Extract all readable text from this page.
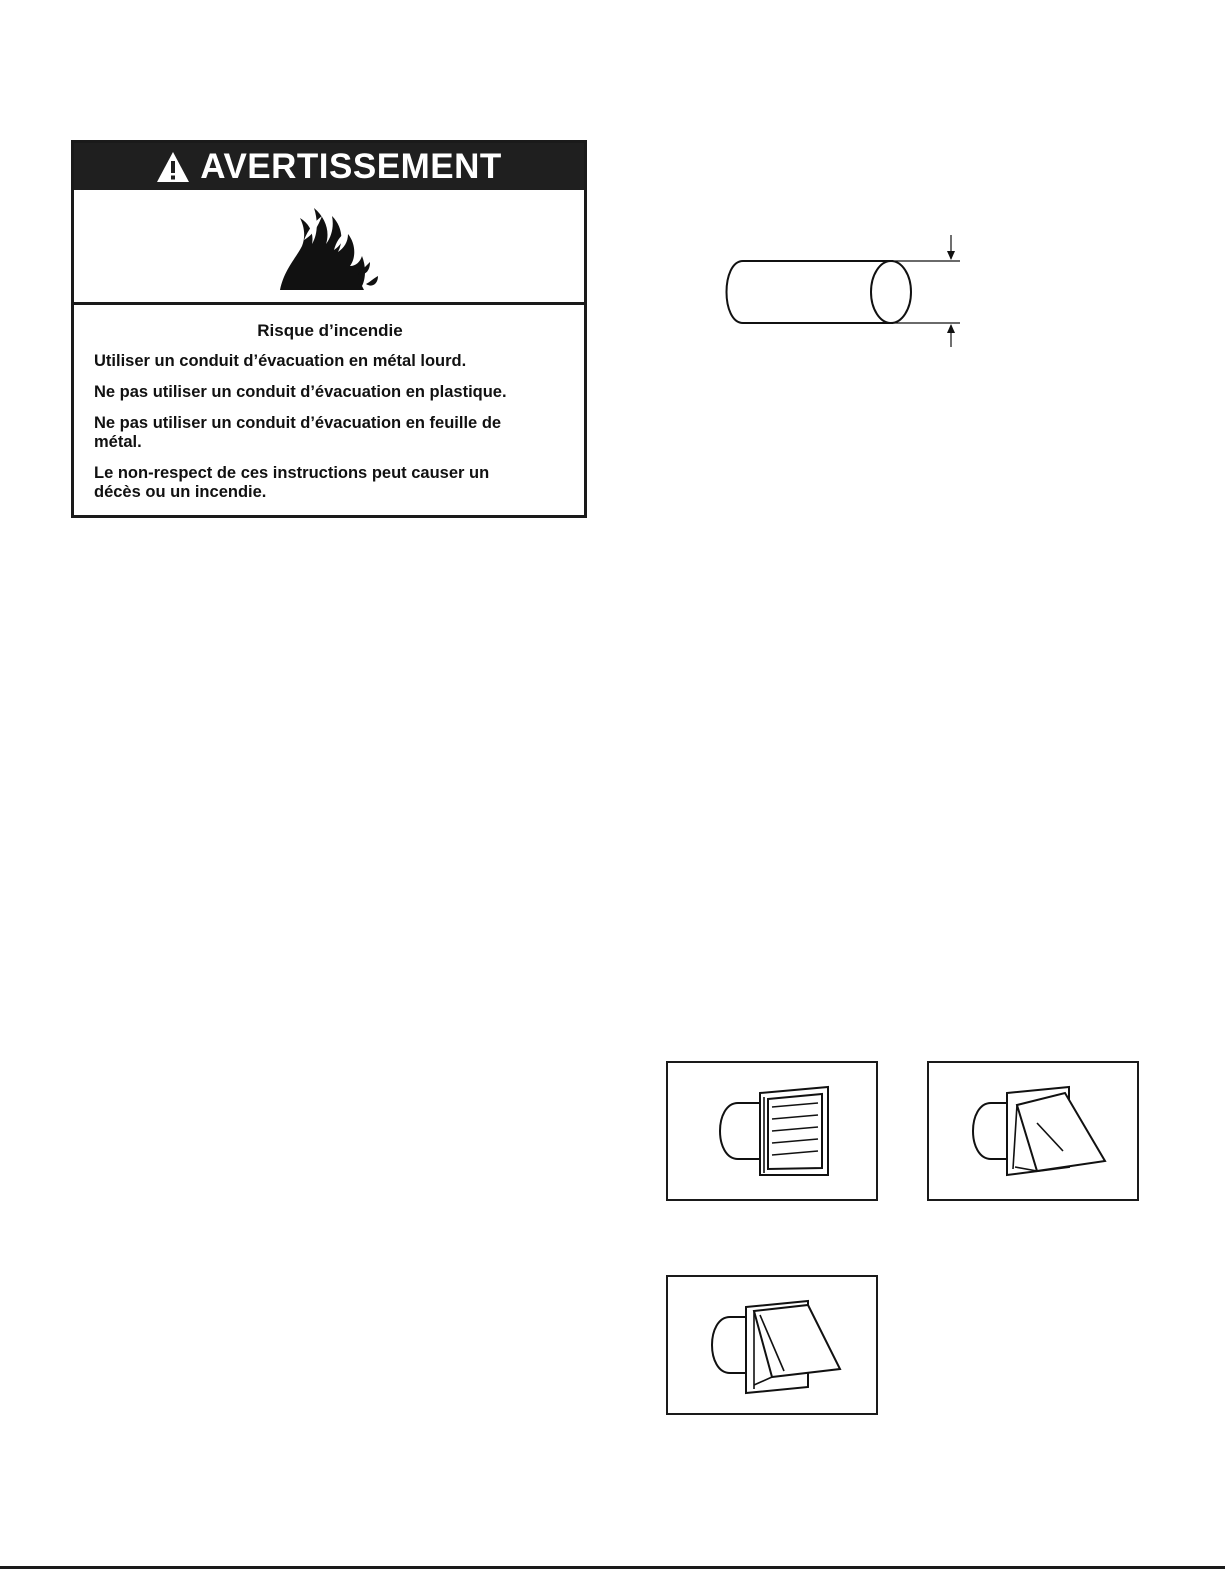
AVERTISSEMENT
Risque d’incendie
Utiliser un conduit d’évacuation en métal lourd.
Ne pas utiliser un conduit d’évacuation en plastique.
Ne pas utiliser un conduit d’évacuation en feuille de métal.
Le non-respect de ces instructions peut causer un décès ou un incendie.
